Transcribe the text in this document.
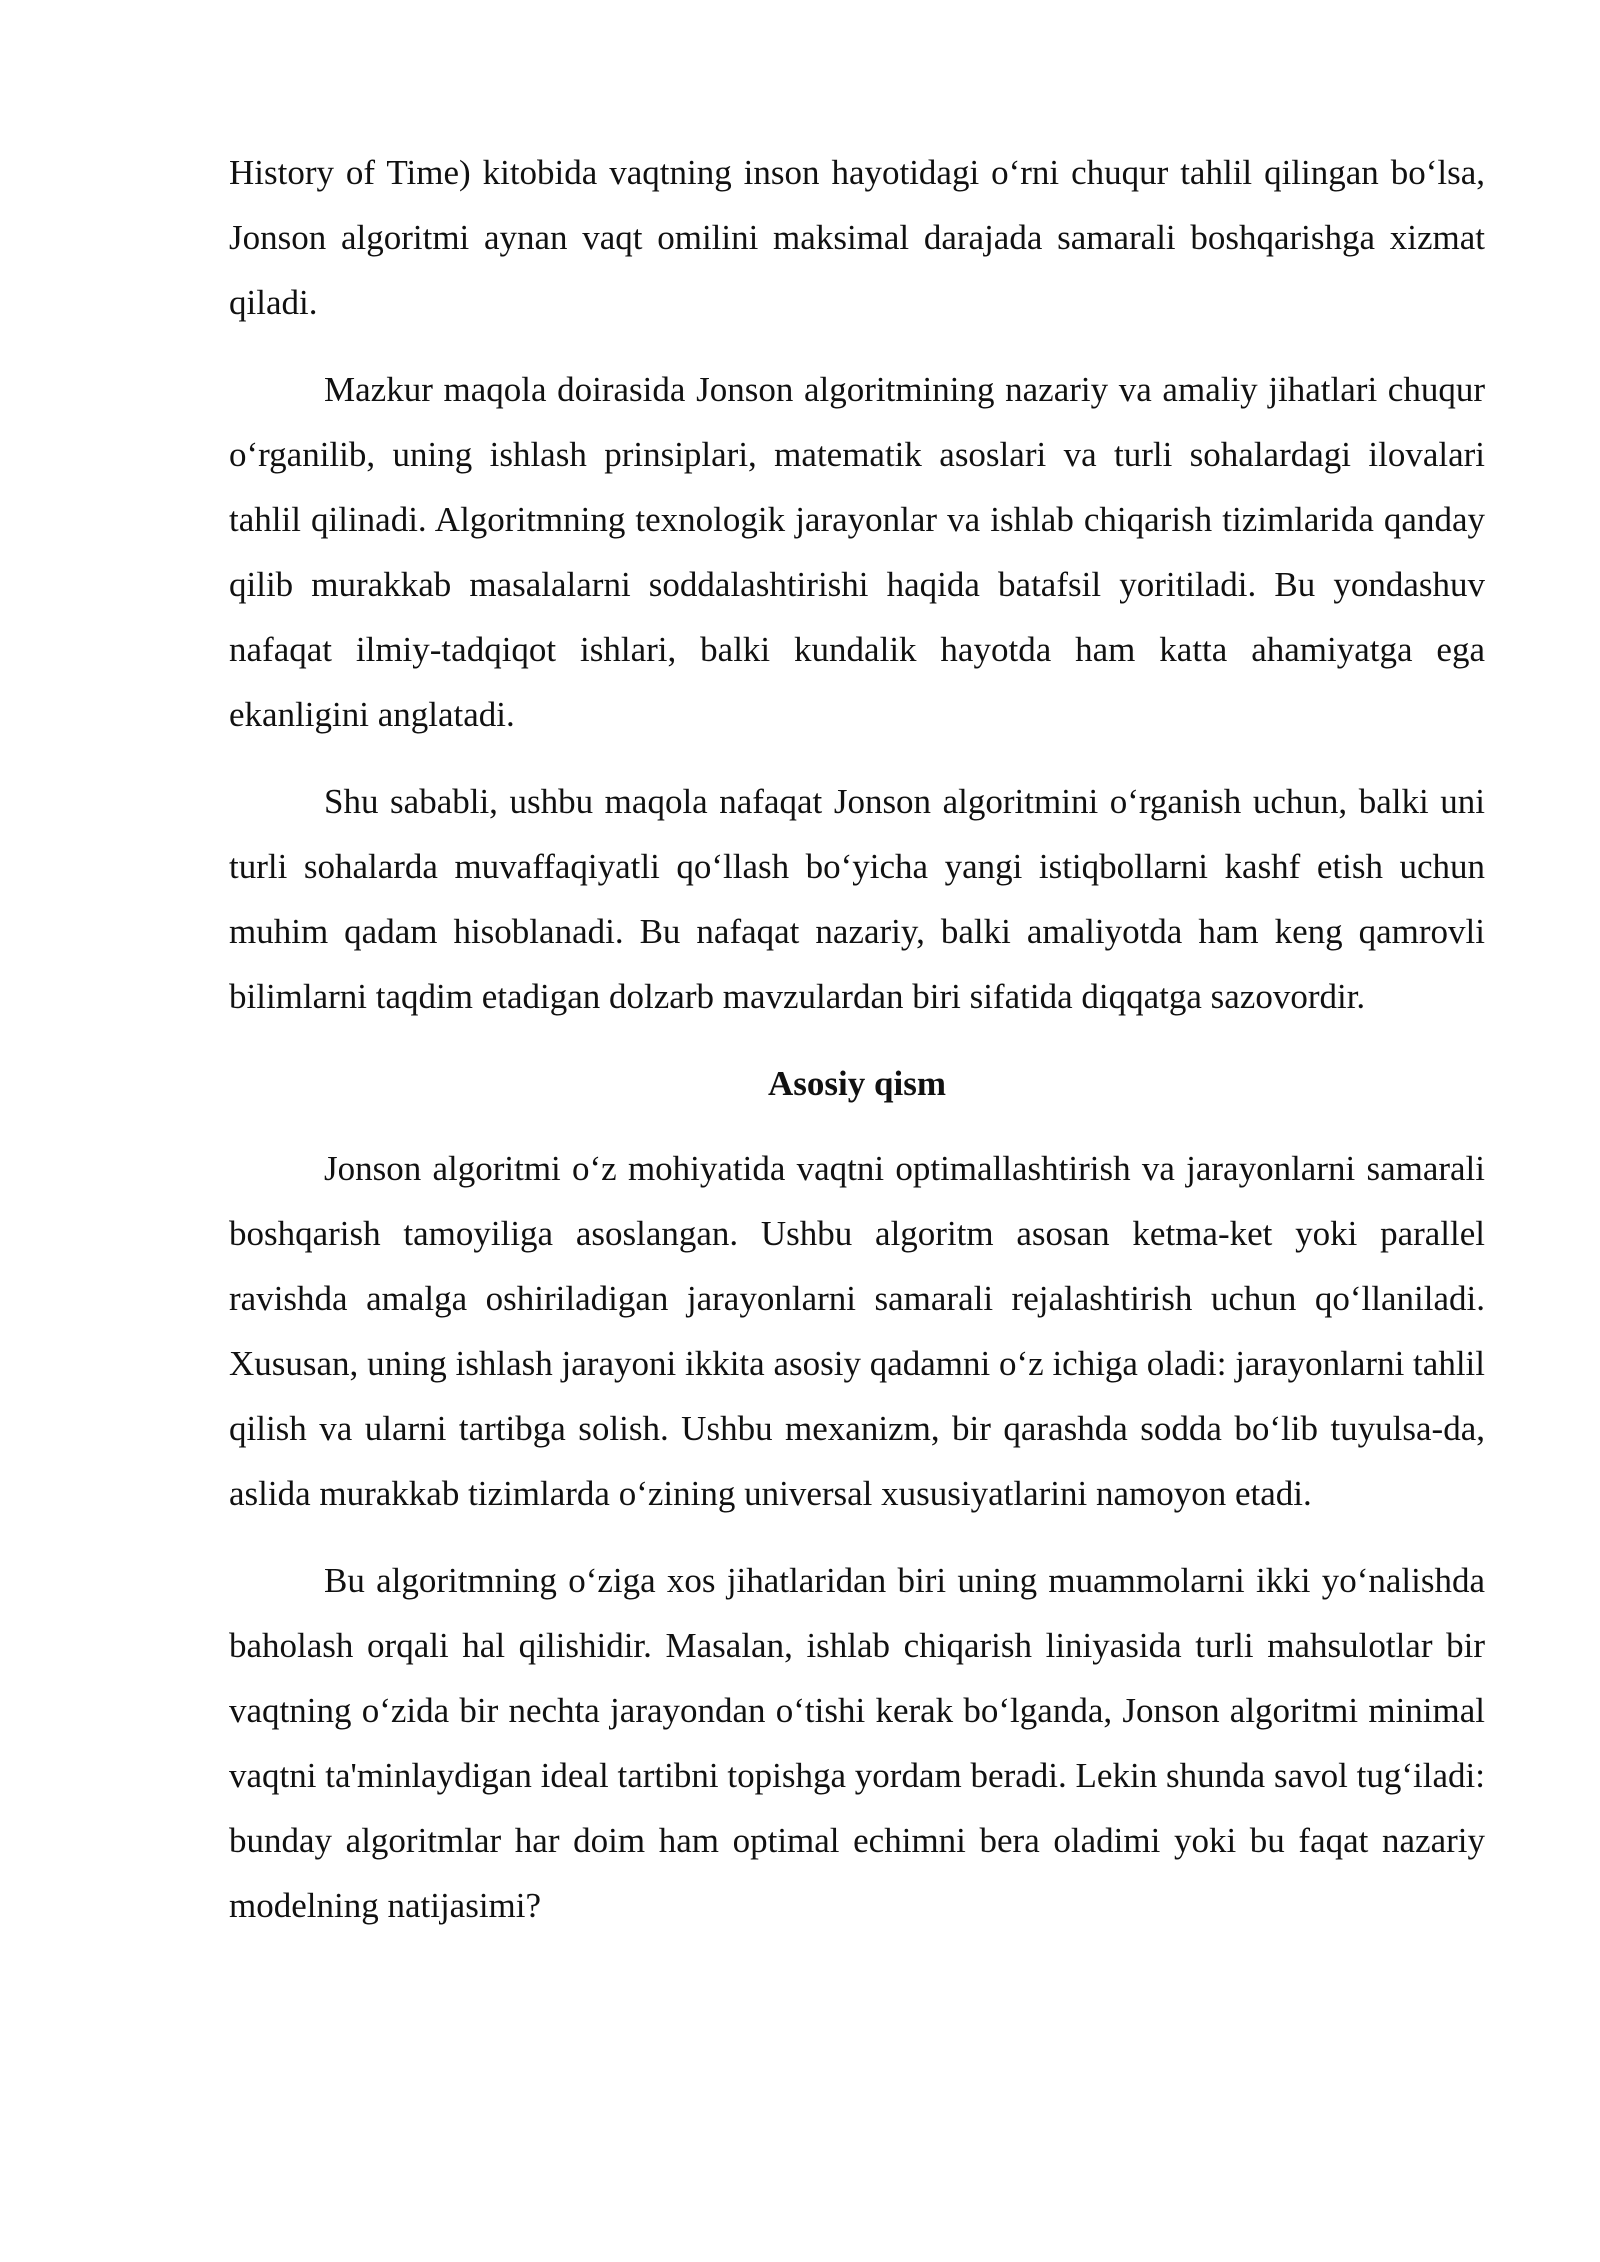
History of Time) kitobida vaqtning inson hayotidagi o‘rni chuqur tahlil qilingan bo‘lsa, Jonson algoritmi aynan vaqt omilini maksimal darajada samarali boshqarishga xizmat qiladi.

Mazkur maqola doirasida Jonson algoritmining nazariy va amaliy jihatlari chuqur o‘rganilib, uning ishlash prinsiplari, matematik asoslari va turli sohalardagi ilovalari tahlil qilinadi. Algoritmning texnologik jarayonlar va ishlab chiqarish tizimlarida qanday qilib murakkab masalalarni soddalashtirishi haqida batafsil yoritiladi. Bu yondashuv nafaqat ilmiy-tadqiqot ishlari, balki kundalik hayotda ham katta ahamiyatga ega ekanligini anglatadi.

Shu sababli, ushbu maqola nafaqat Jonson algoritmini o‘rganish uchun, balki uni turli sohalarda muvaffaqiyatli qo‘llash bo‘yicha yangi istiqbollarni kashf etish uchun muhim qadam hisoblanadi. Bu nafaqat nazariy, balki amaliyotda ham keng qamrovli bilimlarni taqdim etadigan dolzarb mavzulardan biri sifatida diqqatga sazovordir.

Asosiy qism

Jonson algoritmi o‘z mohiyatida vaqtni optimallashtirish va jarayonlarni samarali boshqarish tamoyiliga asoslangan. Ushbu algoritm asosan ketma-ket yoki parallel ravishda amalga oshiriladigan jarayonlarni samarali rejalashtirish uchun qo‘llaniladi. Xususan, uning ishlash jarayoni ikkita asosiy qadamni o‘z ichiga oladi: jarayonlarni tahlil qilish va ularni tartibga solish. Ushbu mexanizm, bir qarashda sodda bo‘lib tuyulsa-da, aslida murakkab tizimlarda o‘zining universal xususiyatlarini namoyon etadi.

Bu algoritmning o‘ziga xos jihatlaridan biri uning muammolarni ikki yo‘nalishda baholash orqali hal qilishidir. Masalan, ishlab chiqarish liniyasida turli mahsulotlar bir vaqtning o‘zida bir nechta jarayondan o‘tishi kerak bo‘lganda, Jonson algoritmi minimal vaqtni ta'minlaydigan ideal tartibni topishga yordam beradi. Lekin shunda savol tug‘iladi: bunday algoritmlar har doim ham optimal echimni bera oladimi yoki bu faqat nazariy modelning natijasimi?
